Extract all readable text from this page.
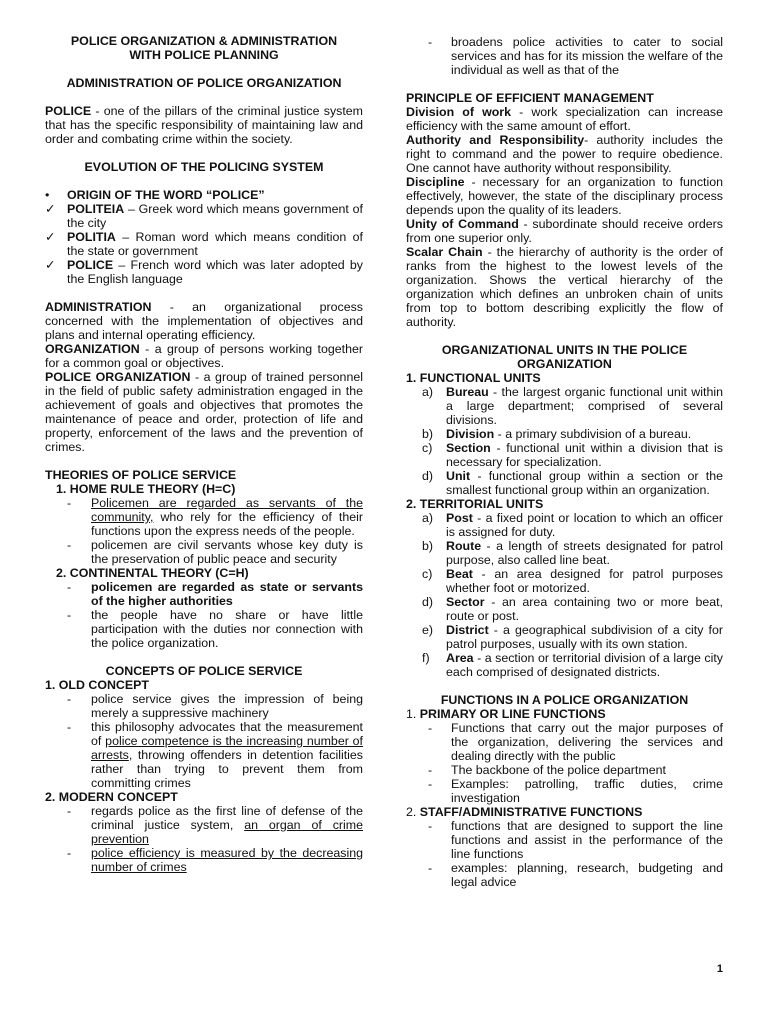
POLICE ORGANIZATION & ADMINISTRATION

WITH POLICE PLANNING

ADMINISTRATION OF POLICE ORGANIZATION

POLICE - one of the pillars of the criminal justice system that has the specific responsibility of maintaining law and order and combating crime within the society.

EVOLUTION OF THE POLICING SYSTEM

•	ORIGIN OF THE WORD “POLICE”
✓ POLITEIA – Greek word which means government of the city
✓ POLITIA – Roman word which means condition of the state or government
✓ POLICE – French word which was later adopted by the English language

ADMINISTRATION - an organizational process concerned with the implementation of objectives and plans and internal operating efficiency.

ORGANIZATION - a group of persons working together for a common goal or objectives.

POLICE ORGANIZATION - a group of trained personnel in the field of public safety administration engaged in the achievement of goals and objectives that promotes the maintenance of peace and order, protection of life and property, enforcement of the laws and the prevention of crimes.

THEORIES OF POLICE SERVICE

1. HOME RULE THEORY (H=C)

-	Policemen are regarded as servants of the community, who rely for the efficiency of their functions upon the express needs of the people.
-	policemen are civil servants whose key duty is the preservation of public peace and security

2. CONTINENTAL THEORY (C=H)

-	policemen are regarded as state or servants of the higher authorities
-	the people have no share or have little participation with the duties nor connection with the police organization.

CONCEPTS OF POLICE SERVICE

1. OLD CONCEPT

-	police service gives the impression of being merely a suppressive machinery
-	this philosophy advocates that the measurement of police competence is the increasing number of arrests, throwing offenders in detention facilities rather than trying to prevent them from committing crimes

2. MODERN CONCEPT

-	regards police as the first line of defense of the criminal justice system, an organ of crime prevention
-	police efficiency is measured by the decreasing number of crimes
-	broadens police activities to cater to social services and has for its mission the welfare of the individual as well as that of the

PRINCIPLE OF EFFICIENT MANAGEMENT

Division of work - work specialization can increase efficiency with the same amount of effort.

Authority and Responsibility- authority includes the right to command and the power to require obedience. One cannot have authority without responsibility.

Discipline - necessary for an organization to function effectively, however, the state of the disciplinary process depends upon the quality of its leaders.

Unity of Command - subordinate should receive orders from one superior only.

Scalar Chain - the hierarchy of authority is the order of ranks from the highest to the lowest levels of the organization. Shows the vertical hierarchy of the organization which defines an unbroken chain of units from top to bottom describing explicitly the flow of authority.

ORGANIZATIONAL UNITS IN THE POLICE
ORGANIZATION

1. FUNCTIONAL UNITS

a)	Bureau - the largest organic functional unit within a large department; comprised of several divisions.
b)	Division - a primary subdivision of a bureau.
c)	Section - functional unit within a division that is necessary for specialization.
d)	Unit - functional group within a section or the smallest functional group within an organization.

2. TERRITORIAL UNITS

a)	Post - a fixed point or location to which an officer is assigned for duty.
b)	Route - a length of streets designated for patrol purpose, also called line beat.
c)	Beat - an area designed for patrol purposes whether foot or motorized.
d)	Sector - an area containing two or more beat, route or post.
e)	District - a geographical subdivision of a city for patrol purposes, usually with its own station.
f)	Area - a section or territorial division of a large city each comprised of designated districts.

FUNCTIONS IN A POLICE ORGANIZATION

1. PRIMARY OR LINE FUNCTIONS

-	Functions that carry out the major purposes of the organization, delivering the services and dealing directly with the public
-	The backbone of the police department
-	Examples: patrolling, traffic duties, crime investigation

2. STAFF/ADMINISTRATIVE FUNCTIONS

-	functions that are designed to support the line functions and assist in the performance of the line functions
-	examples: planning, research, budgeting and legal advice
1
